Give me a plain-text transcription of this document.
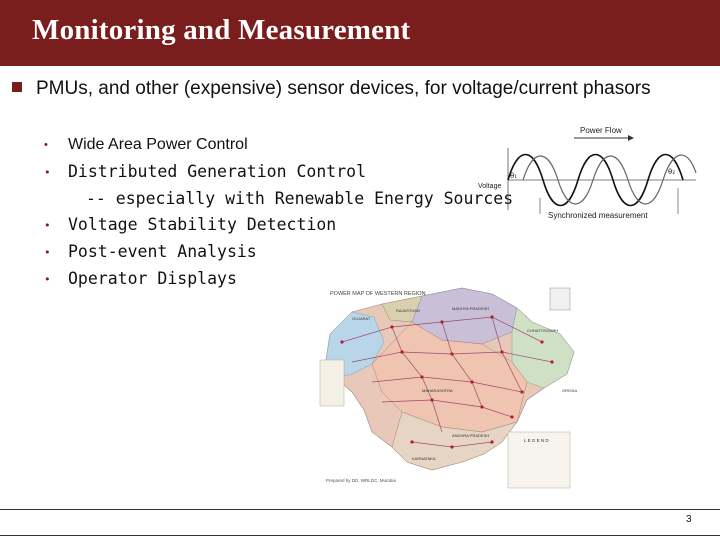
Monitoring and Measurement
PMUs, and other (expensive) sensor devices, for voltage/current phasors
• Wide Area Power Control
• Distributed Generation Control
-- especially with Renewable Energy Sources
• Voltage Stability Detection
• Post-event Analysis
• Operator Displays
Power Flow
Voltage
θ₁	θ₂
Synchronized measurement
POWER MAP OF WESTERN REGION
GUJARAT
RAJASTHAN	MADHYA PRADESH
CHHATTISGARH
MAHARASHTRA	ORISSA
ANDHRA PRADESH
KARNATAKA
L E G E N D
Prepared by DD, WRLDC, Mumbai
3
